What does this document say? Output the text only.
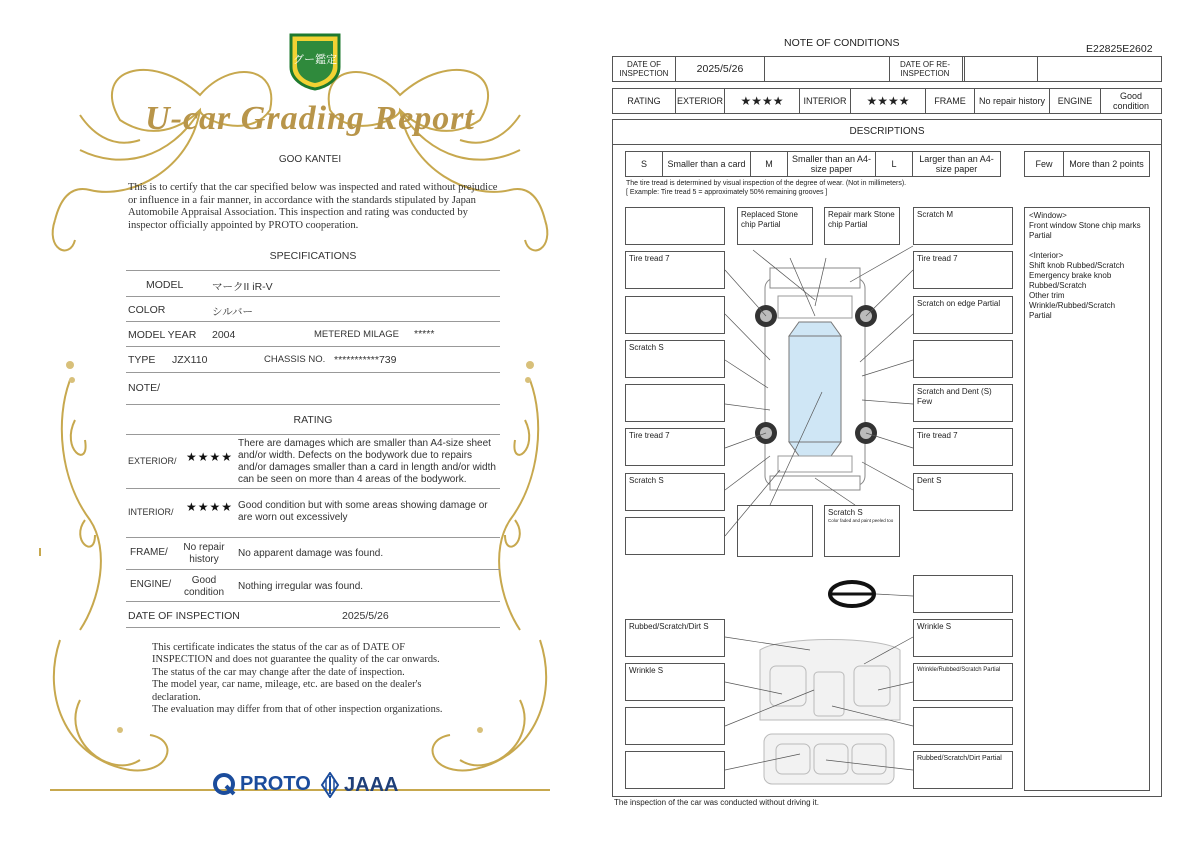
グー鑑定
U-car Grading Report
GOO KANTEI
This is to certify that the car specified below was inspected and rated without prejudice or influence in a fair manner, in accordance with the standards stipulated by Japan Automobile Appraisal Association. This inspection and rating was conducted by inspector officially appointed by PROTO cooperation.
SPECIFICATIONS
MODEL	マークII iR-V
COLOR	シルバー
MODEL YEAR 2004	METERED MILAGE *****
TYPE JZX110	CHASSIS NO. ***********739
NOTE/
RATING
EXTERIOR/ ★★★★
There are damages which are smaller than A4-size sheet and/or width. Defects on the bodywork due to repairs and/or damages smaller than a card in length and/or width can be seen on more than 4 areas of the bodywork.
INTERIOR/ ★★★★ Good condition but with some areas showing damage or are worn out excessively
FRAME/	No repair history
No apparent damage was found.
ENGINE/	Good condition
Nothing irregular was found.
DATE OF INSPECTION	2025/5/26
This certificate indicates the status of the car as of DATE OF
INSPECTION and does not guarantee the quality of the car onwards.
The status of the car may change after the date of inspection.
The model year, car name, mileage, etc. are based on the dealer's
declaration.
The evaluation may differ from that of other inspection organizations.
PROTO JAAA
NOTE OF CONDITIONS	E22825E2602
DATE OF INSPECTION	2025/5/26	DATE OF RE-INSPECTION
RATING	EXTERIOR	★★★★	INTERIOR	★★★★	FRAME	No repair history	ENGINE	Good condition
DESCRIPTIONS
S	Smaller than a card	M	Smaller than an A4-size paper	L	Larger than an A4-size paper	Few	More than 2 points
The tire tread is determined by visual inspection of the degree of wear. (Not in millimeters).
[ Example: Tire tread 5 = approximately 50% remaining grooves ]
Tire tread 7
Scratch S
Tire tread 7
Scratch S
Replaced Stone chip Partial
Repair mark Stone chip Partial
Scratch S
Color faded and paint peeled too
Scratch M
Tire tread 7
Scratch on edge Partial
Scratch and Dent (S) Few
Tire tread 7
Dent S
Rubbed/Scratch/Dirt S
Wrinkle S
Wrinkle S
Wrinkle/Rubbed/Scratch Partial
Rubbed/Scratch/Dirt Partial
<Window>
Front window Stone chip marks
Partial
<Interior>
Shift knob Rubbed/Scratch
Emergency brake knob
Rubbed/Scratch
Other trim
Wrinkle/Rubbed/Scratch
Partial
The inspection of the car was conducted without driving it.
